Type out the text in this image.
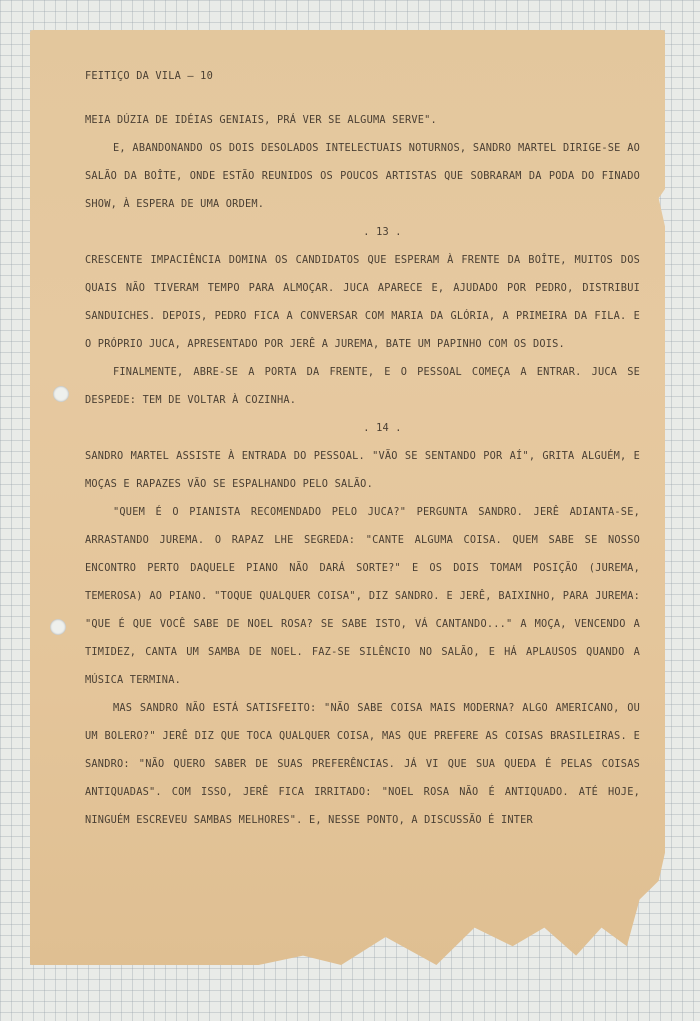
FEITIÇO DA VILA – 10

MEIA DÚZIA DE IDÉIAS GENIAIS, PRÁ VER SE ALGUMA SERVE".

E, ABANDONANDO OS DOIS DESOLADOS INTELECTUAIS NOTURNOS, SANDRO MARTEL DIRIGE-SE AO SALÃO DA BOÎTE, ONDE ESTÃO REUNIDOS OS POUCOS ARTISTAS QUE SOBRARAM DA PODA DO FINADO SHOW, À ESPERA DE UMA ORDEM.

. 13 .

CRESCENTE IMPACIÊNCIA DOMINA OS CANDIDATOS QUE ESPERAM À FRENTE DA BOÎTE, MUITOS DOS QUAIS NÃO TIVERAM TEMPO PARA ALMOÇAR. JUCA APARECE E, AJUDADO POR PEDRO, DISTRIBUI SANDUICHES. DEPOIS, PEDRO FICA A CONVERSAR COM MARIA DA GLÓRIA, A PRIMEIRA DA FILA. E O PRÓPRIO JUCA, APRESENTADO POR JERÊ A JUREMA, BATE UM PAPINHO COM OS DOIS.

FINALMENTE, ABRE-SE A PORTA DA FRENTE, E O PESSOAL COMEÇA A ENTRAR. JUCA SE DESPEDE: TEM DE VOLTAR À COZINHA.

. 14 .

SANDRO MARTEL ASSISTE À ENTRADA DO PESSOAL. "VÃO SE SENTANDO POR AÍ", GRITA ALGUÉM, E MOÇAS E RAPAZES VÃO SE ESPALHANDO PELO SALÃO.

"QUEM É O PIANISTA RECOMENDADO PELO JUCA?" PERGUNTA SANDRO. JERÊ ADIANTA-SE, ARRASTANDO JUREMA. O RAPAZ LHE SEGREDA: "CANTE ALGUMA COISA. QUEM SABE SE NOSSO ENCONTRO PERTO DAQUELE PIANO NÃO DARÁ SORTE?" E OS DOIS TOMAM POSIÇÃO (JUREMA, TEMEROSA) AO PIANO. "TOQUE QUALQUER COISA", DIZ SANDRO. E JERÊ, BAIXINHO, PARA JUREMA: "QUE É QUE VOCÊ SABE DE NOEL ROSA? SE SABE ISTO, VÁ CANTANDO..." A MOÇA, VENCENDO A TIMIDEZ, CANTA UM SAMBA DE NOEL. FAZ-SE SILÊNCIO NO SALÃO, E HÁ APLAUSOS QUANDO A MÚSICA TERMINA.

MAS SANDRO NÃO ESTÁ SATISFEITO: "NÃO SABE COISA MAIS MODERNA? ALGO AMERICANO, OU UM BOLERO?" JERÊ DIZ QUE TOCA QUALQUER COISA, MAS QUE PREFERE AS COISAS BRASILEIRAS. E SANDRO: "NÃO QUERO SABER DE SUAS PREFERÊNCIAS. JÁ VI QUE SUA QUEDA É PELAS COISAS ANTIQUADAS". COM ISSO, JERÊ FICA IRRITADO: "NOEL ROSA NÃO É ANTIQUADO. ATÉ HOJE, NINGUÉM ESCREVEU SAMBAS MELHORES". E, NESSE PONTO, A DISCUSSÃO É INTER
